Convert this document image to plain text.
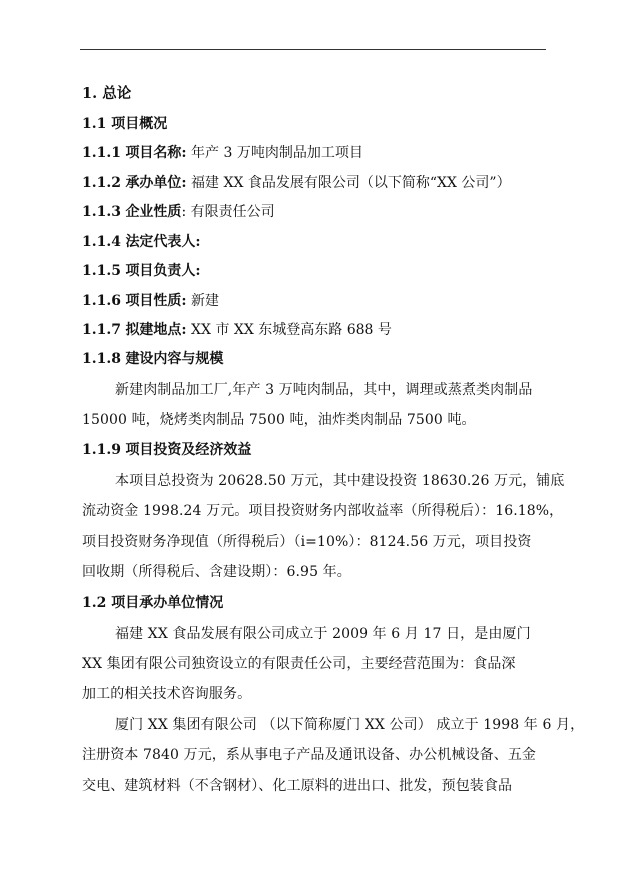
1. 总论
1.1 项目概况
1.1.1 项目名称: 年产 3 万吨肉制品加工项目
1.1.2 承办单位: 福建 XX 食品发展有限公司（以下简称“XX 公司”）
1.1.3 企业性质: 有限责任公司
1.1.4 法定代表人:
1.1.5 项目负责人:
1.1.6 项目性质: 新建
1.1.7 拟建地点: XX 市 XX 东城登高东路 688 号
1.1.8 建设内容与规模
新建肉制品加工厂,年产 3 万吨肉制品，其中，调理或蒸煮类肉制品
15000 吨，烧烤类肉制品 7500 吨，油炸类肉制品 7500 吨。
1.1.9 项目投资及经济效益
本项目总投资为 20628.50 万元，其中建设投资 18630.26 万元，铺底
流动资金 1998.24 万元。项目投资财务内部收益率（所得税后）：16.18%，
项目投资财务净现值（所得税后）（i=10%）：8124.56 万元，项目投资
回收期（所得税后、含建设期）：6.95 年。
1.2 项目承办单位情况
福建 XX 食品发展有限公司成立于 2009 年 6 月 17 日，是由厦门
XX 集团有限公司独资设立的有限责任公司，主要经营范围为：食品深
加工的相关技术咨询服务。
厦门 XX 集团有限公司 （以下简称厦门 XX 公司） 成立于 1998 年 6 月，
注册资本 7840 万元，系从事电子产品及通讯设备、办公机械设备、五金
交电、建筑材料（不含钢材）、化工原料的进出口、批发，预包装食品
